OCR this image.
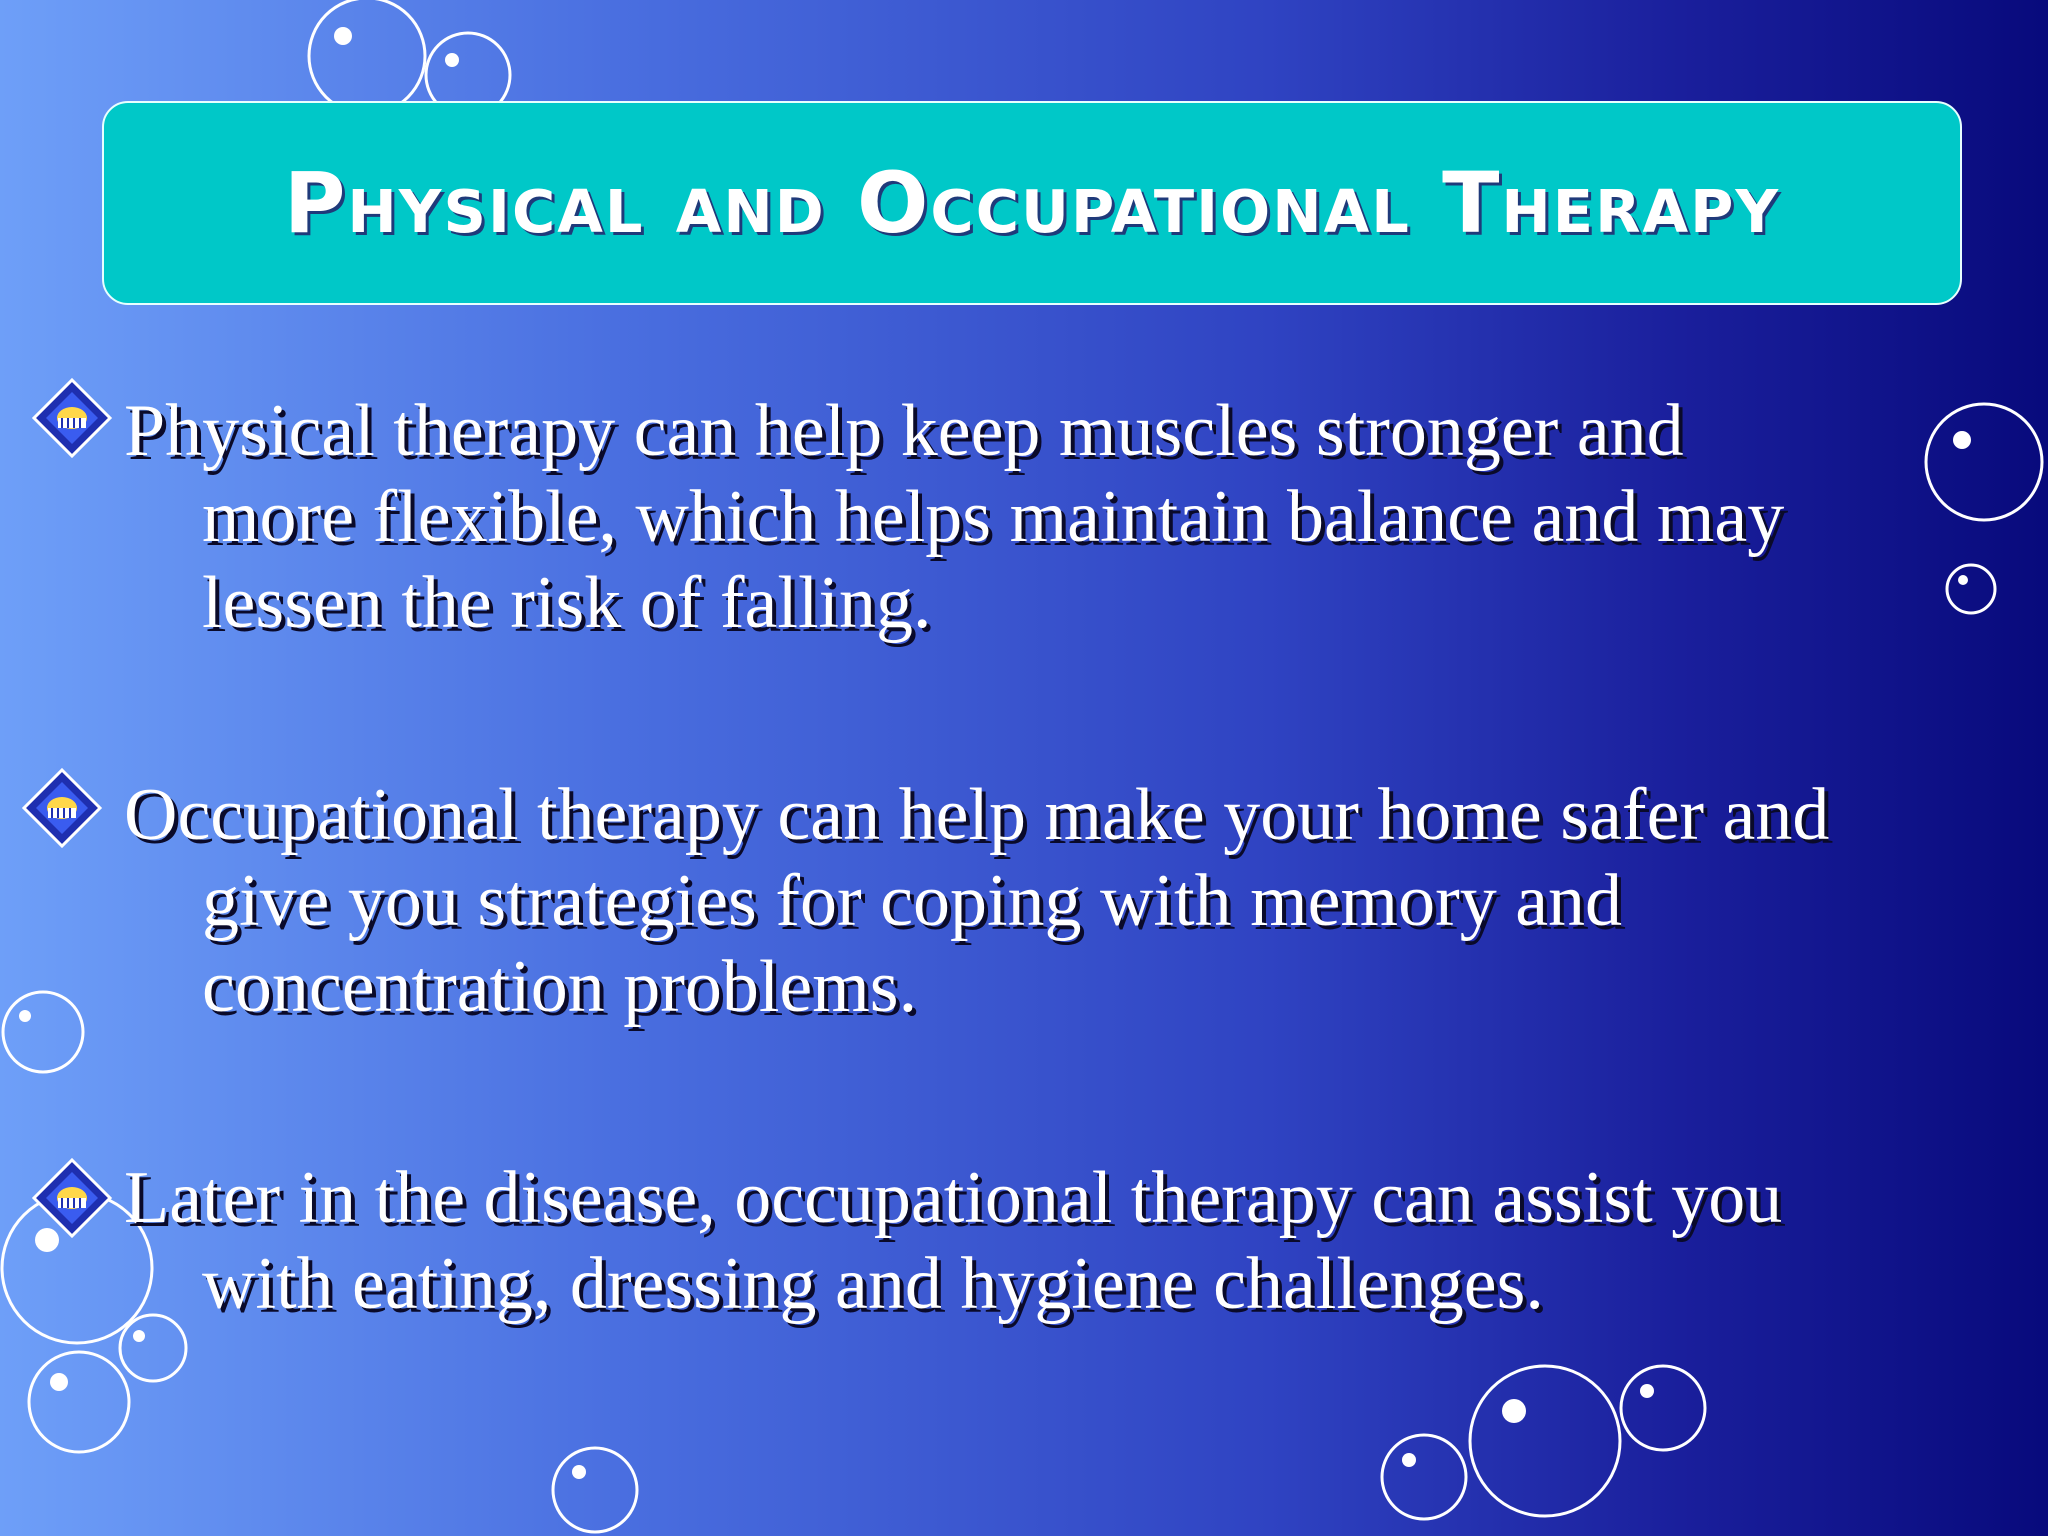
Physical and Occupational Therapy
Physical therapy can help keep muscles stronger and
more flexible, which helps maintain balance and may
lessen the risk of falling.
Occupational therapy can help make your home safer and
give you strategies for coping with memory and
concentration problems.
Later in the disease, occupational therapy can assist you
with eating, dressing and hygiene challenges.
